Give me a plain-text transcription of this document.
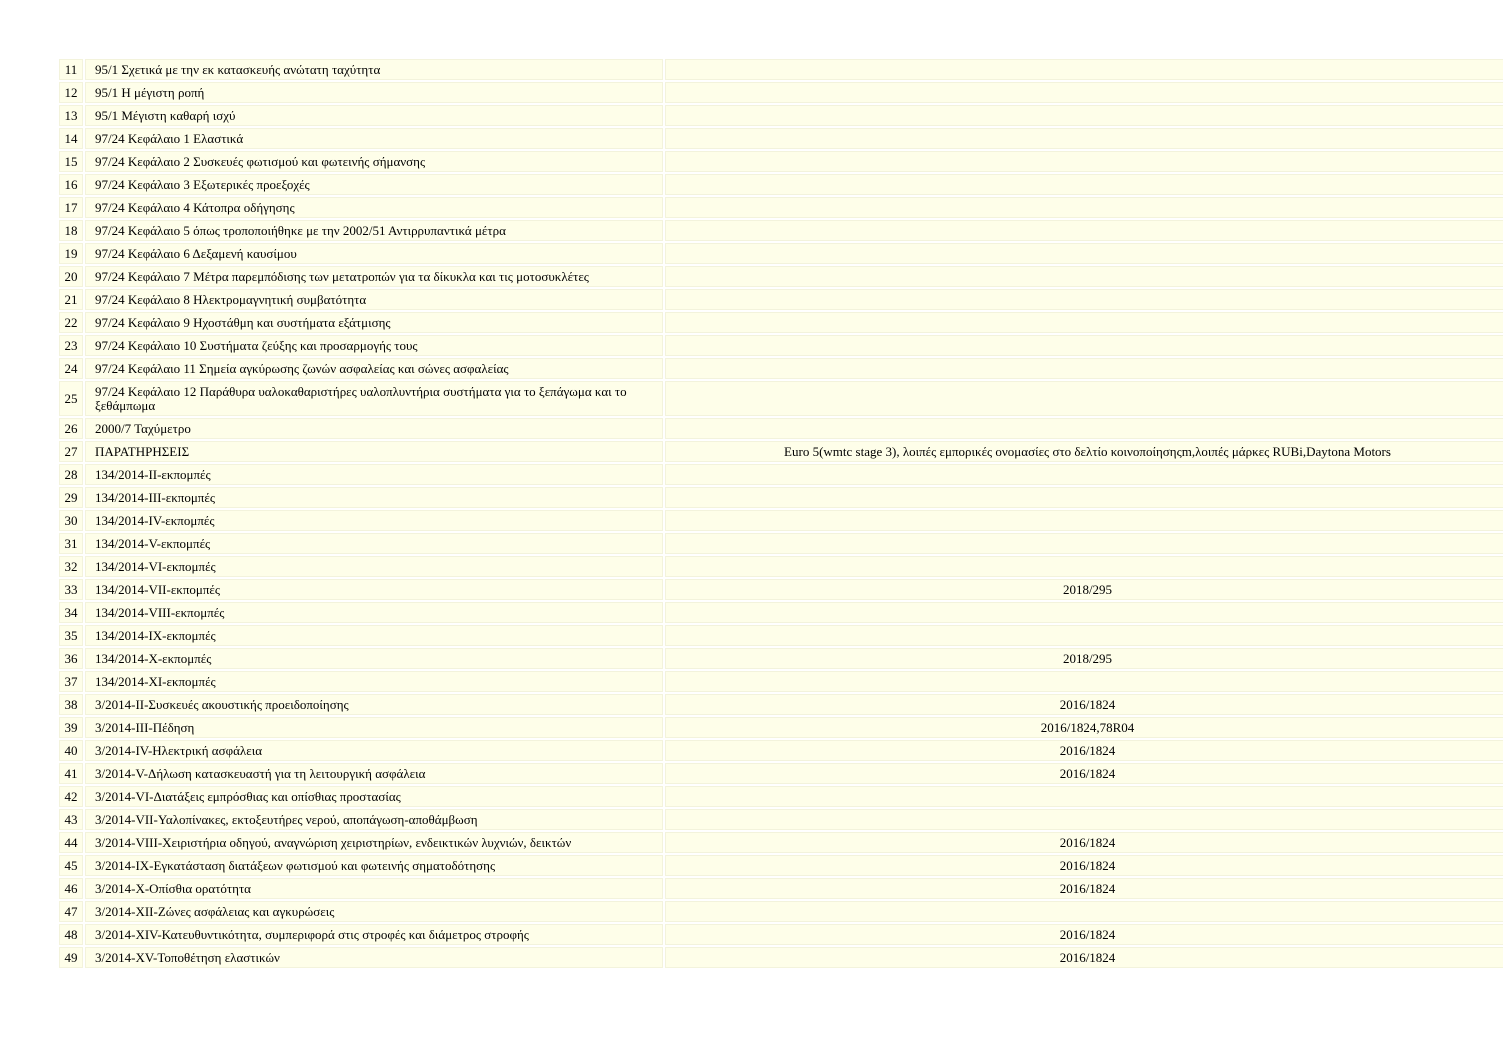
11	95/1 Σχετικά με την εκ κατασκευής ανώτατη ταχύτητα	
12	95/1 Η μέγιστη ροπή	
13	95/1 Μέγιστη καθαρή ισχύ	
14	97/24 Κεφάλαιο 1 Ελαστικά	
15	97/24 Κεφάλαιο 2 Συσκευές φωτισμού και φωτεινής σήμανσης	
16	97/24 Κεφάλαιο 3 Εξωτερικές προεξοχές	
17	97/24 Κεφάλαιο 4 Κάτοπρα οδήγησης	
18	97/24 Κεφάλαιο 5 όπως τροποποιήθηκε με την 2002/51 Αντιρρυπαντικά μέτρα	
19	97/24 Κεφάλαιο 6 Δεξαμενή καυσίμου	
20	97/24 Κεφάλαιο 7 Μέτρα παρεμπόδισης των μετατροπών για τα δίκυκλα και τις μοτοσυκλέτες	
21	97/24 Κεφάλαιο 8 Ηλεκτρομαγνητική συμβατότητα	
22	97/24 Κεφάλαιο 9 Ηχοστάθμη και συστήματα εξάτμισης	
23	97/24 Κεφάλαιο 10 Συστήματα ζεύξης και προσαρμογής τους	
24	97/24 Κεφάλαιο 11 Σημεία αγκύρωσης ζωνών ασφαλείας και σώνες ασφαλείας	
25	97/24 Κεφάλαιο 12 Παράθυρα υαλοκαθαριστήρες υαλοπλυντήρια συστήματα για το ξεπάγωμα και το ξεθάμπωμα	
26	2000/7 Ταχύμετρο	
27	ΠΑΡΑΤΗΡΗΣΕΙΣ	Euro 5(wmtc stage 3), λοιπές εμπορικές ονομασίες στο δελτίο κοινοποίησηςm,λοιπές μάρκες RUBi,Daytona Motors
28	134/2014-II-εκπομπές	
29	134/2014-III-εκπομπές	
30	134/2014-IV-εκπομπές	
31	134/2014-V-εκπομπές	
32	134/2014-VI-εκπομπές	
33	134/2014-VII-εκπομπές	2018/295
34	134/2014-VIII-εκπομπές	
35	134/2014-IX-εκπομπές	
36	134/2014-X-εκπομπές	2018/295
37	134/2014-XI-εκπομπές	
38	3/2014-II-Συσκευές ακουστικής προειδοποίησης	2016/1824
39	3/2014-III-Πέδηση	2016/1824,78R04
40	3/2014-IV-Ηλεκτρική ασφάλεια	2016/1824
41	3/2014-V-Δήλωση κατασκευαστή για τη λειτουργική ασφάλεια	2016/1824
42	3/2014-VI-Διατάξεις εμπρόσθιας και οπίσθιας προστασίας	
43	3/2014-VII-Υαλοπίνακες, εκτοξευτήρες νερού, αποπάγωση-αποθάμβωση	
44	3/2014-VIII-Χειριστήρια οδηγού, αναγνώριση χειριστηρίων, ενδεικτικών λυχνιών, δεικτών	2016/1824
45	3/2014-IX-Εγκατάσταση διατάξεων φωτισμού και φωτεινής σηματοδότησης	2016/1824
46	3/2014-X-Οπίσθια ορατότητα	2016/1824
47	3/2014-XII-Ζώνες ασφάλειας και αγκυρώσεις	
48	3/2014-XIV-Κατευθυντικότητα, συμπεριφορά στις στροφές και διάμετρος στροφής	2016/1824
49	3/2014-XV-Τοποθέτηση ελαστικών	2016/1824
